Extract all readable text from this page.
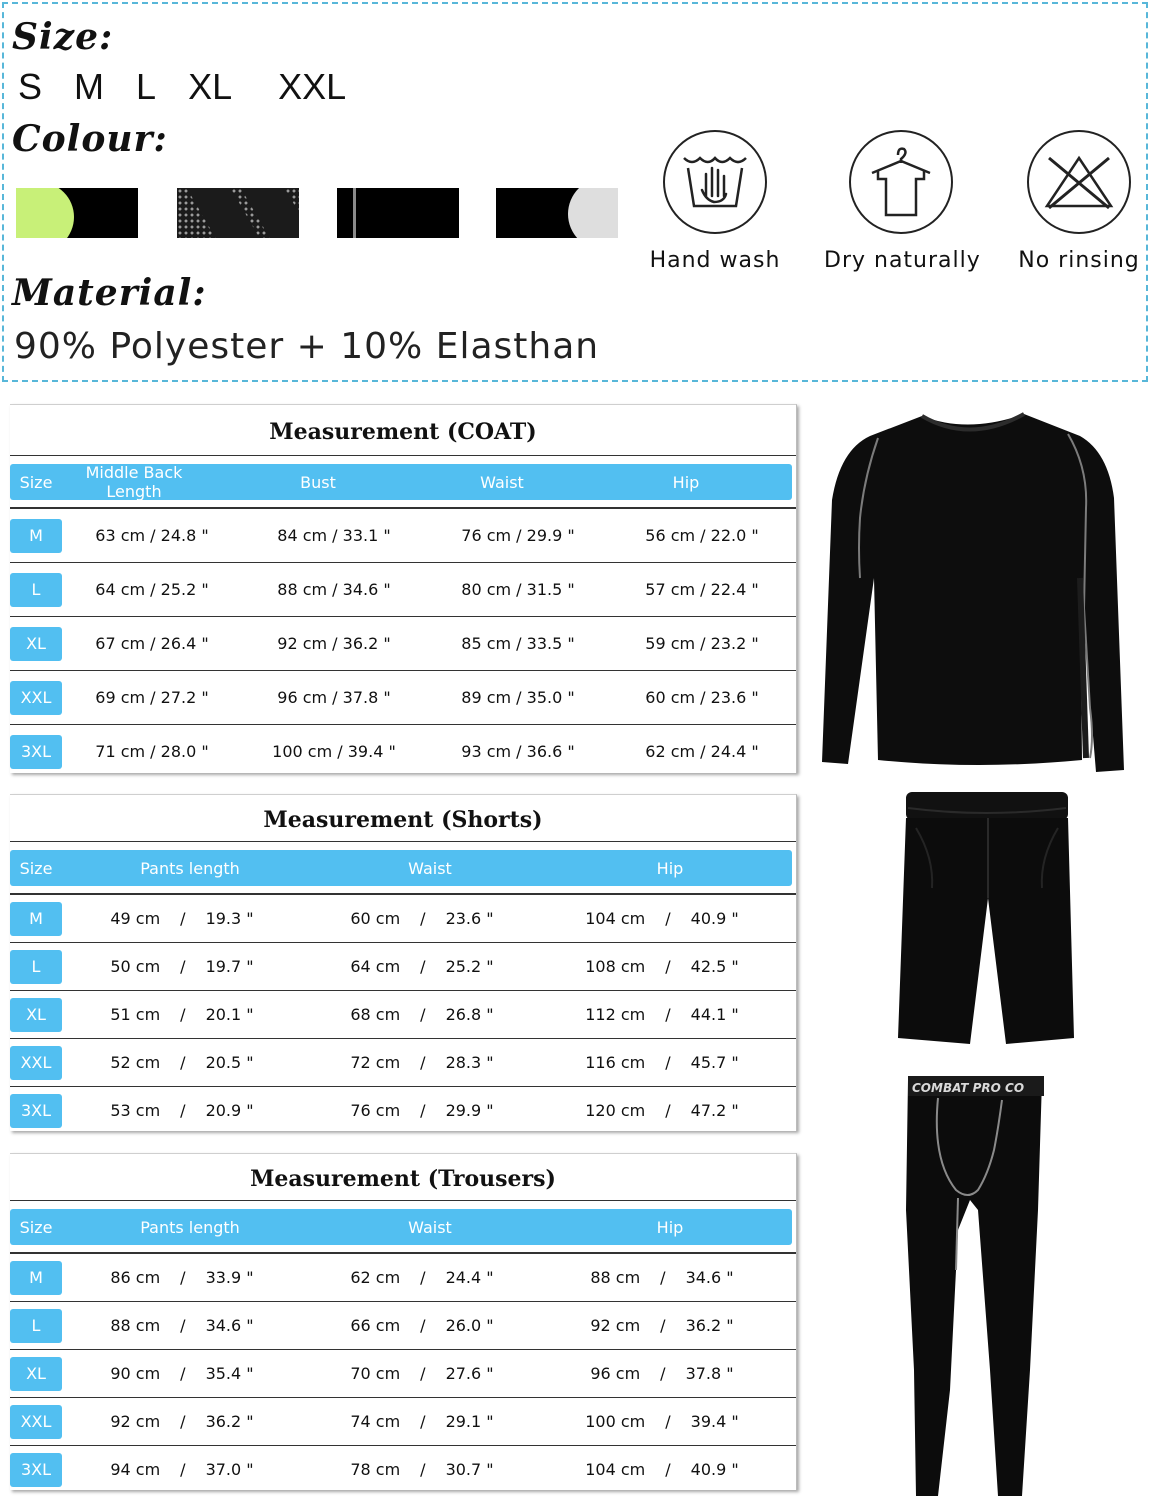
Size:
S M L XL XXL
Colour:
Material:
90% Polyester + 10% Elasthan
Hand wash Dry naturally No rinsing
Measurement (COAT)
Size	Middle Back Length	Bust	Waist	Hip
M	63 cm / 24.8 "	84 cm / 33.1 "	76 cm / 29.9 "	56 cm / 22.0 "
L	64 cm / 25.2 "	88 cm / 34.6 "	80 cm / 31.5 "	57 cm / 22.4 "
XL	67 cm / 26.4 "	92 cm / 36.2 "	85 cm / 33.5 "	59 cm / 23.2 "
XXL	69 cm / 27.2 "	96 cm / 37.8 "	89 cm / 35.0 "	60 cm / 23.6 "
3XL	71 cm / 28.0 "	100 cm / 39.4 "	93 cm / 36.6 "	62 cm / 24.4 "
Measurement (Shorts)
Size	Pants length	Waist	Hip
M	49 cm / 19.3 "	60 cm / 23.6 "	104 cm / 40.9 "
L	50 cm / 19.7 "	64 cm / 25.2 "	108 cm / 42.5 "
XL	51 cm / 20.1 "	68 cm / 26.8 "	112 cm / 44.1 "
XXL	52 cm / 20.5 "	72 cm / 28.3 "	116 cm / 45.7 "
3XL	53 cm / 20.9 "	76 cm / 29.9 "	120 cm / 47.2 "
Measurement (Trousers)
Size	Pants length	Waist	Hip
M	86 cm / 33.9 "	62 cm / 24.4 "	88 cm / 34.6 "
L	88 cm / 34.6 "	66 cm / 26.0 "	92 cm / 36.2 "
XL	90 cm / 35.4 "	70 cm / 27.6 "	96 cm / 37.8 "
XXL	92 cm / 36.2 "	74 cm / 29.1 "	100 cm / 39.4 "
3XL	94 cm / 37.0 "	78 cm / 30.7 "	104 cm / 40.9 "
COMBAT PRO CO
